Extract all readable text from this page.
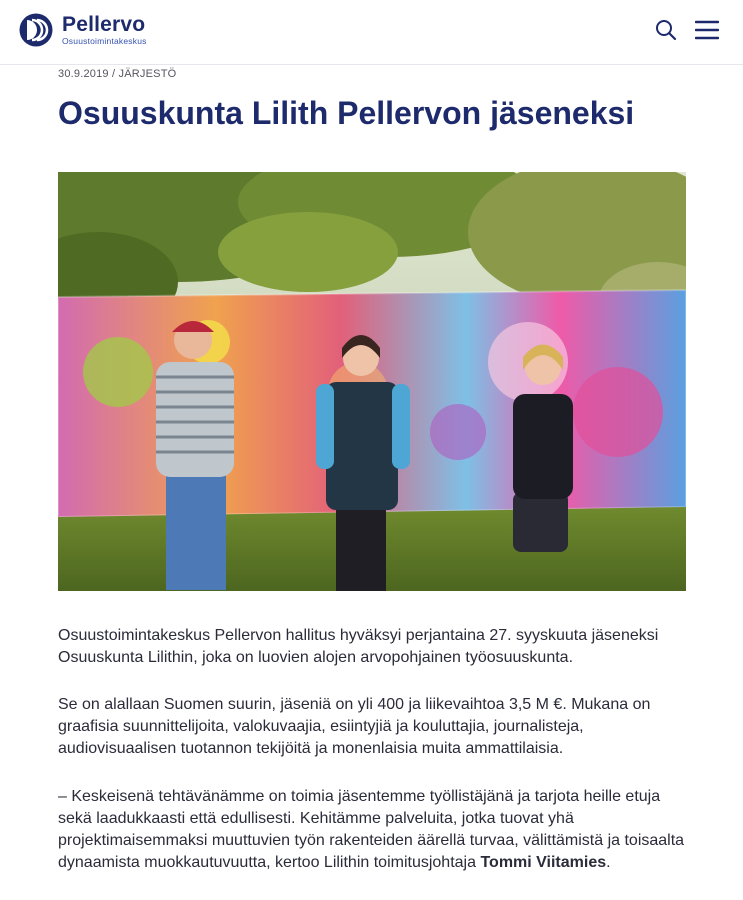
Pellervo
Osuustoimintakeskus
30.9.2019 / JÄRJESTÖ
Osuuskunta Lilith Pellervon jäseneksi

Osuustoimintakeskus Pellervon hallitus hyväksyi perjantaina 27. syyskuuta jäseneksi Osuuskunta Lilithin, joka on luovien alojen arvopohjainen työosuuskunta.

Se on alallaan Suomen suurin, jäseniä on yli 400 ja liikevaihtoa 3,5 M €. Mukana on graafisia suunnittelijoita, valokuvaajia, esiintyjiä ja kouluttajia, journalisteja, audiovisuaalisen tuotannon tekijöitä ja monenlaisia muita ammattilaisia.

– Keskeisenä tehtävänämme on toimia jäsentemme työllistäjänä ja tarjota heille etuja sekä laadukkaasti että edullisesti. Kehitämme palveluita, jotka tuovat yhä projektimaisemmaksi muuttuvien työn rakenteiden äärellä turvaa, välittämistä ja toisaalta dynaamista muokkautuvuutta, kertoo Lilithin toimitusjohtaja Tommi Viitamies.
